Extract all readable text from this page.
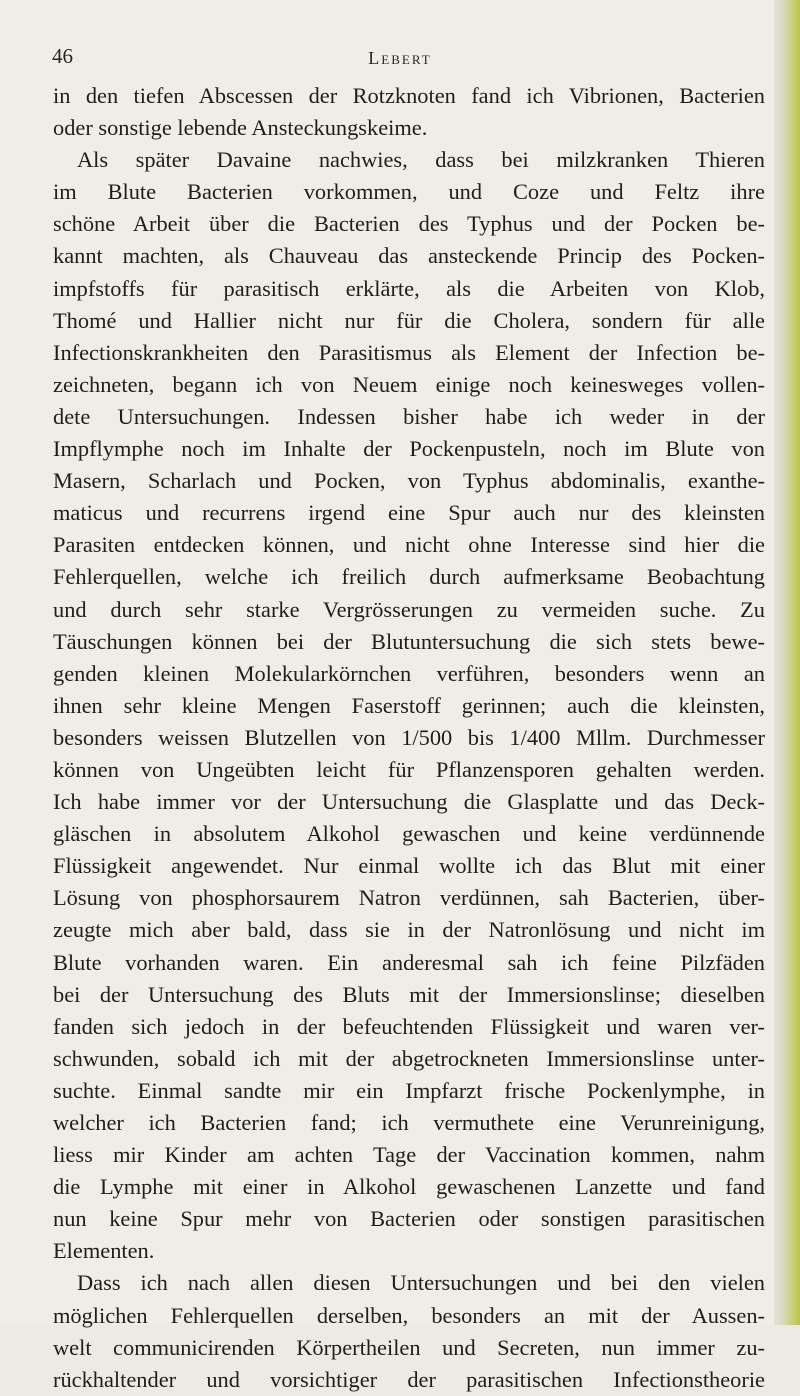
46	Lebert
in den tiefen Abscessen der Rotzknoten fand ich Vibrionen, Bacterien
oder sonstige lebende Ansteckungskeime.
Als später Davaine nachwies, dass bei milzkranken Thieren
im Blute Bacterien vorkommen, und Coze und Feltz ihre
schöne Arbeit über die Bacterien des Typhus und der Pocken be-
kannt machten, als Chauveau das ansteckende Princip des Pocken-
impfstoffs für parasitisch erklärte, als die Arbeiten von Klob,
Thomé und Hallier nicht nur für die Cholera, sondern für alle
Infectionskrankheiten den Parasitismus als Element der Infection be-
zeichneten, begann ich von Neuem einige noch keinesweges vollen-
dete Untersuchungen. Indessen bisher habe ich weder in der
Impflymphe noch im Inhalte der Pockenpusteln, noch im Blute von
Masern, Scharlach und Pocken, von Typhus abdominalis, exanthe-
maticus und recurrens irgend eine Spur auch nur des kleinsten
Parasiten entdecken können, und nicht ohne Interesse sind hier die
Fehlerquellen, welche ich freilich durch aufmerksame Beobachtung
und durch sehr starke Vergrösserungen zu vermeiden suche. Zu
Täuschungen können bei der Blutuntersuchung die sich stets bewe-
genden kleinen Molekularkörnchen verführen, besonders wenn an
ihnen sehr kleine Mengen Faserstoff gerinnen; auch die kleinsten,
besonders weissen Blutzellen von 1/500 bis 1/400 Mllm. Durchmesser
können von Ungeübten leicht für Pflanzensporen gehalten werden.
Ich habe immer vor der Untersuchung die Glasplatte und das Deck-
gläschen in absolutem Alkohol gewaschen und keine verdünnende
Flüssigkeit angewendet. Nur einmal wollte ich das Blut mit einer
Lösung von phosphorsaurem Natron verdünnen, sah Bacterien, über-
zeugte mich aber bald, dass sie in der Natronlösung und nicht im
Blute vorhanden waren. Ein anderesmal sah ich feine Pilzfäden
bei der Untersuchung des Bluts mit der Immersionslinse; dieselben
fanden sich jedoch in der befeuchtenden Flüssigkeit und waren ver-
schwunden, sobald ich mit der abgetrockneten Immersionslinse unter-
suchte. Einmal sandte mir ein Impfarzt frische Pockenlymphe, in
welcher ich Bacterien fand; ich vermuthete eine Verunreinigung,
liess mir Kinder am achten Tage der Vaccination kommen, nahm
die Lymphe mit einer in Alkohol gewaschenen Lanzette und fand
nun keine Spur mehr von Bacterien oder sonstigen parasitischen
Elementen.
Dass ich nach allen diesen Untersuchungen und bei den vielen
möglichen Fehlerquellen derselben, besonders an mit der Aussen-
welt communicirenden Körpertheilen und Secreten, nun immer zu-
rückhaltender und vorsichtiger der parasitischen Infectionstheorie
